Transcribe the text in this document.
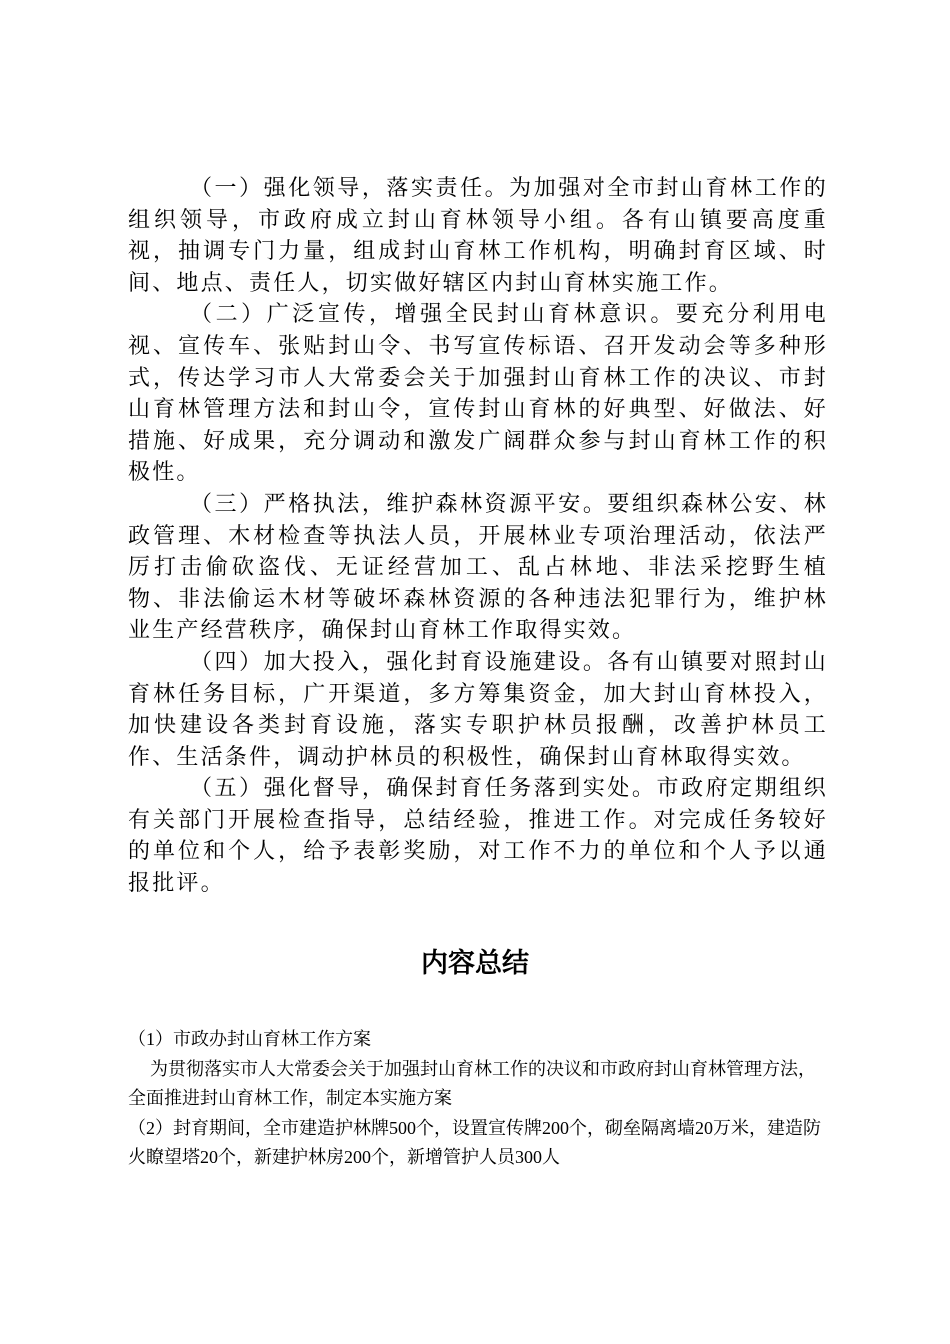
（一）强化领导，落实责任。为加强对全市封山育林工作的组织领导，市政府成立封山育林领导小组。各有山镇要高度重视，抽调专门力量，组成封山育林工作机构，明确封育区域、时间、地点、责任人，切实做好辖区内封山育林实施工作。

（二）广泛宣传，增强全民封山育林意识。要充分利用电视、宣传车、张贴封山令、书写宣传标语、召开发动会等多种形式，传达学习市人大常委会关于加强封山育林工作的决议、市封山育林管理方法和封山令，宣传封山育林的好典型、好做法、好措施、好成果，充分调动和激发广阔群众参与封山育林工作的积极性。

（三）严格执法，维护森林资源平安。要组织森林公安、林政管理、木材检查等执法人员，开展林业专项治理活动，依法严厉打击偷砍盗伐、无证经营加工、乱占林地、非法采挖野生植物、非法偷运木材等破坏森林资源的各种违法犯罪行为，维护林业生产经营秩序，确保封山育林工作取得实效。

（四）加大投入，强化封育设施建设。各有山镇要对照封山育林任务目标，广开渠道，多方筹集资金，加大封山育林投入，加快建设各类封育设施，落实专职护林员报酬，改善护林员工作、生活条件，调动护林员的积极性，确保封山育林取得实效。

（五）强化督导，确保封育任务落到实处。市政府定期组织有关部门开展检查指导，总结经验，推进工作。对完成任务较好的单位和个人，给予表彰奖励，对工作不力的单位和个人予以通报批评。

内容总结

（1）市政办封山育林工作方案

为贯彻落实市人大常委会关于加强封山育林工作的决议和市政府封山育林管理方法，全面推进封山育林工作，制定本实施方案

（2）封育期间，全市建造护林牌500个，设置宣传牌200个，砌垒隔离墙20万米，建造防火瞭望塔20个，新建护林房200个，新增管护人员300人
